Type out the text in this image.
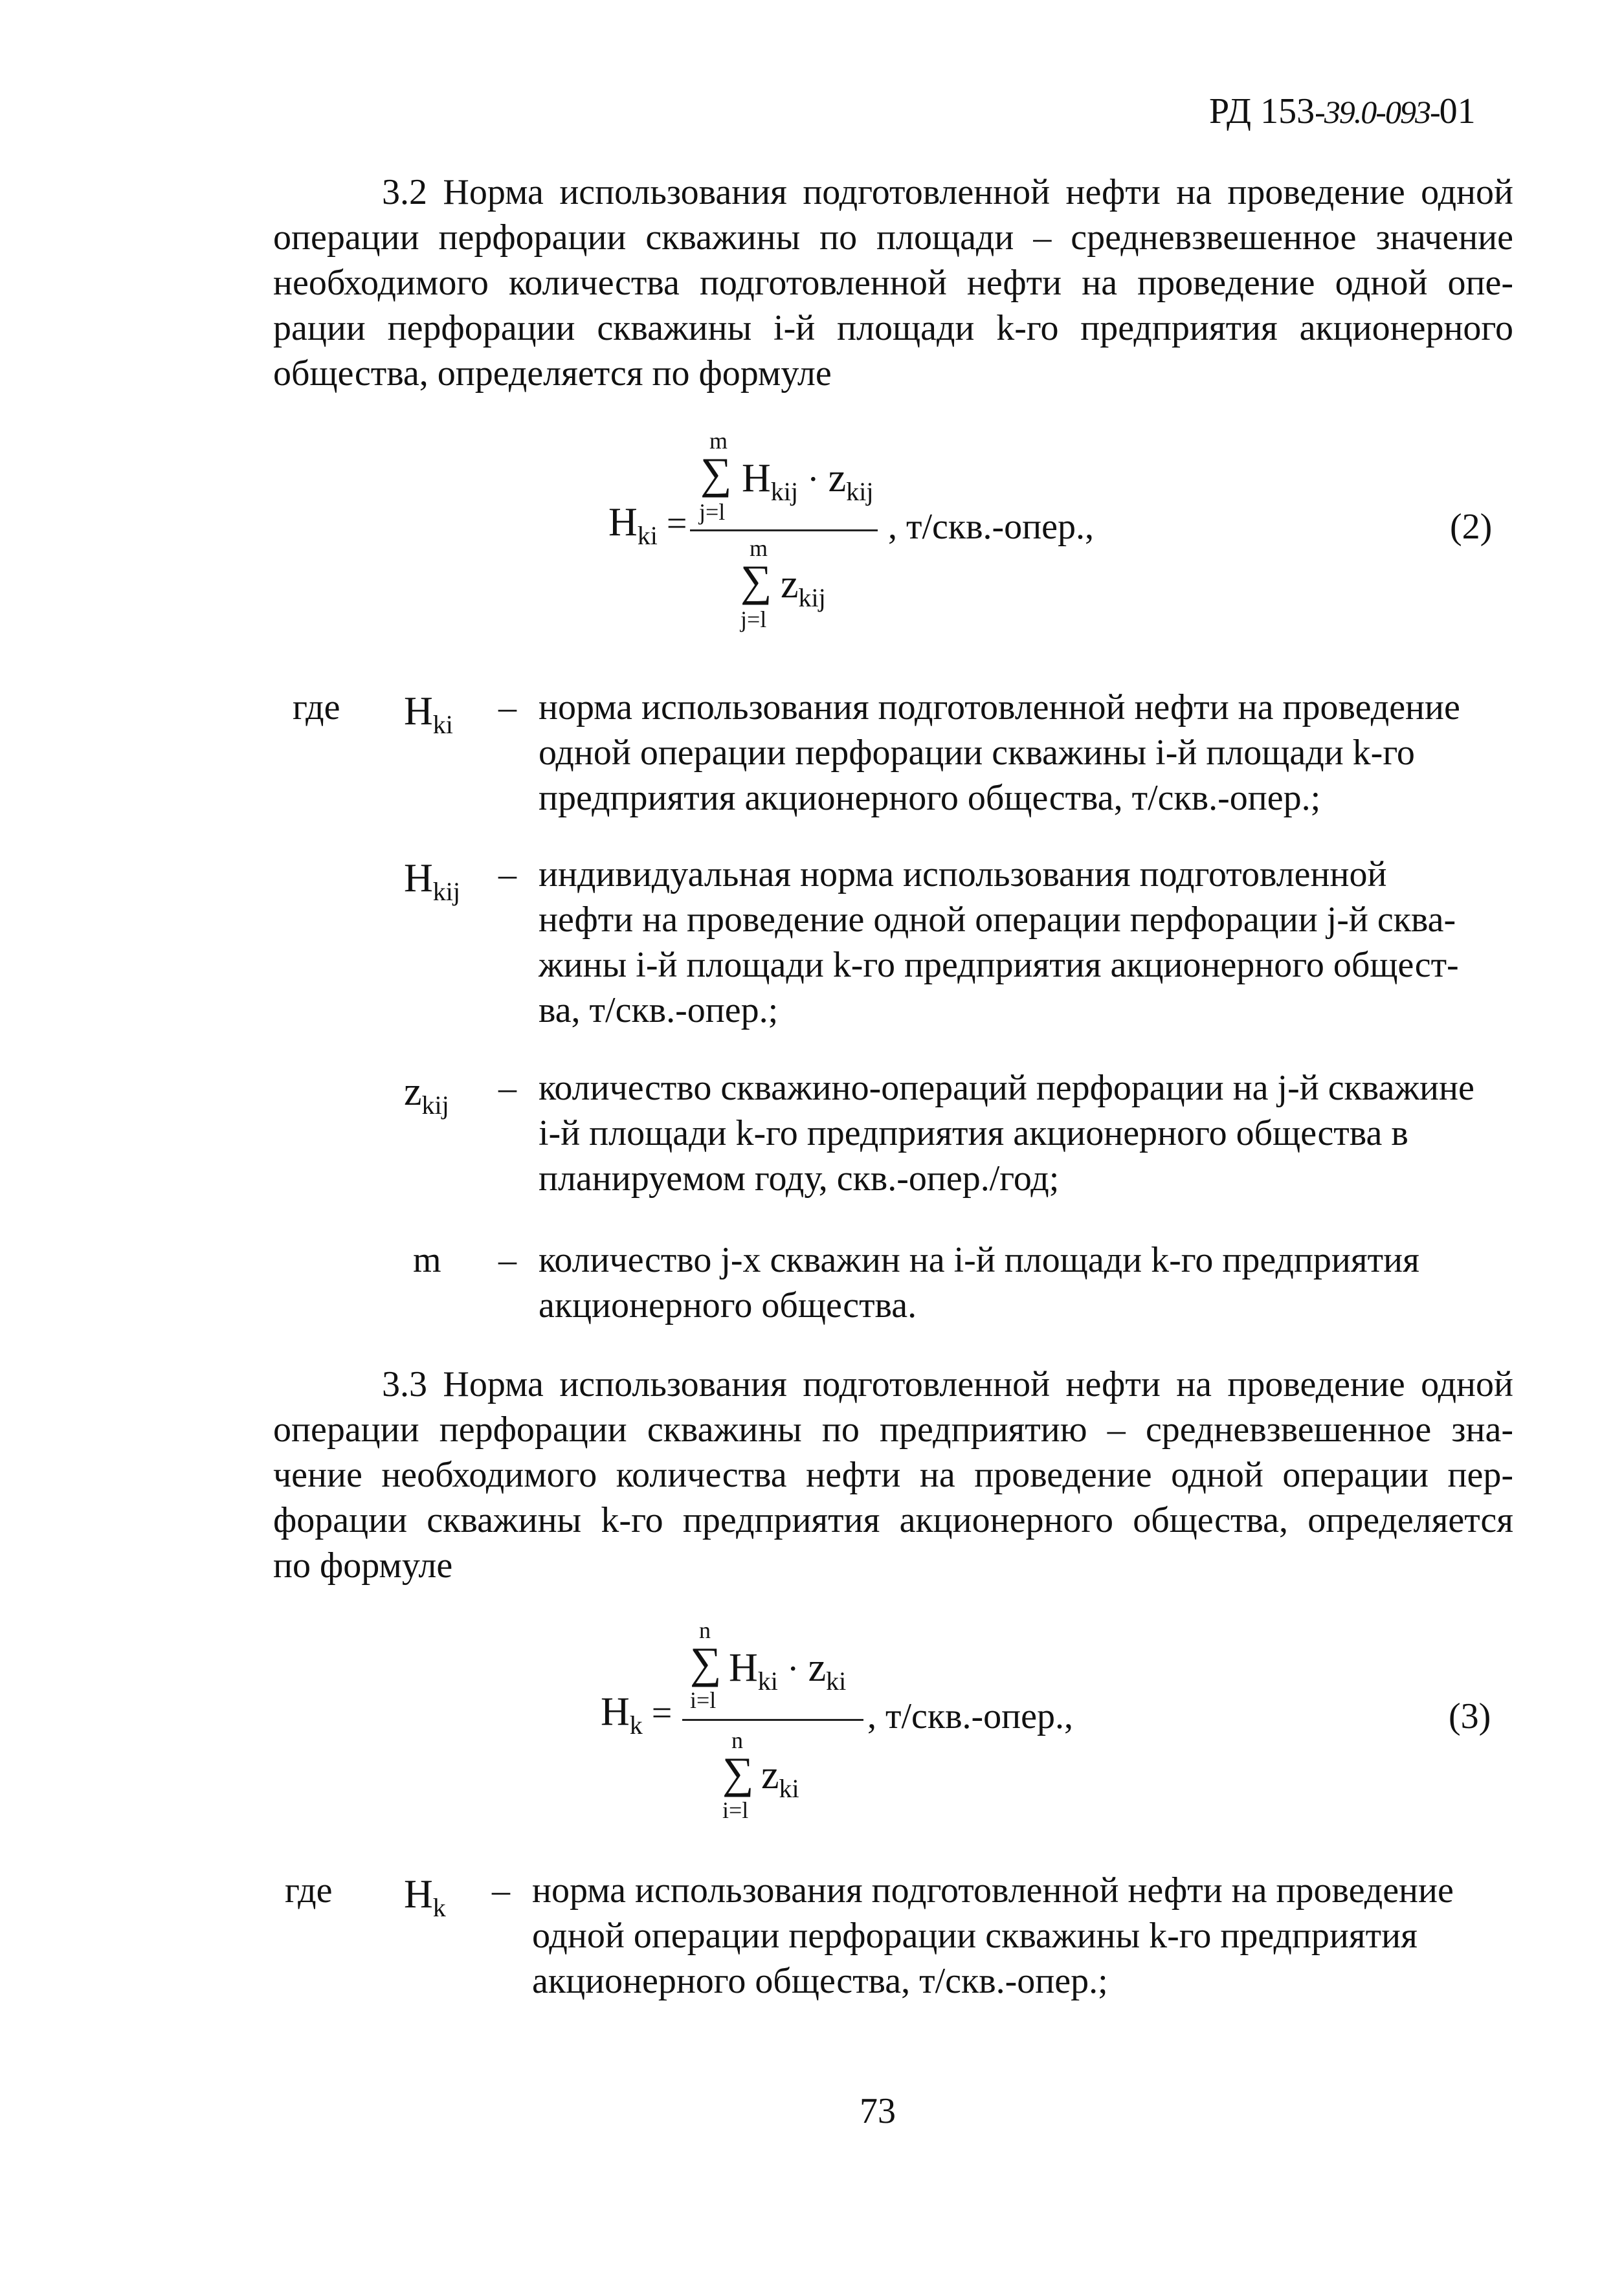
РД 153-39.0-093-01
3.2 Норма использования подготовленной нефти на проведение одной
операции перфорации скважины по площади – средневзвешенное значение
необходимого количества подготовленной нефти на проведение одной опе-
рации перфорации скважины i-й площади k-го предприятия акционерного
общества, определяется по формуле
m
∑ $Н_{kij} \cdot z_{kij}$
j=l
$Н_{ki}$ =	, т/скв.-опер.,	(2)
m
∑ $z_{kij}$
j=l
где $Н_{ki}$ – норма использования подготовленной нефти на проведение
одной операции перфорации скважины i-й площади k-го
предприятия акционерного общества, т/скв.-опер.;
$Н_{kij}$ – индивидуальная норма использования подготовленной
нефти на проведение одной операции перфорации j-й сква-
жины i-й площади k-го предприятия акционерного общест-
ва, т/скв.-опер.;
$z_{kij}$ – количество скважино-операций перфорации на j-й скважине
i-й площади k-го предприятия акционерного общества в
планируемом году, скв.-опер./год;
m – количество j-х скважин на i-й площади k-го предприятия
акционерного общества.
3.3 Норма использования подготовленной нефти на проведение одной
операции перфорации скважины по предприятию – средневзвешенное зна-
чение необходимого количества нефти на проведение одной операции пер-
форации скважины k-го предприятия акционерного общества, определяется
по формуле
n
∑ $Н_{ki} \cdot z_{ki}$
i=l
$Н_k$ =	, т/скв.-опер.,	(3)
n
∑ $z_{ki}$
i=l
где $Н_k$ – норма использования подготовленной нефти на проведение
одной операции перфорации скважины k-го предприятия
акционерного общества, т/скв.-опер.;
73
